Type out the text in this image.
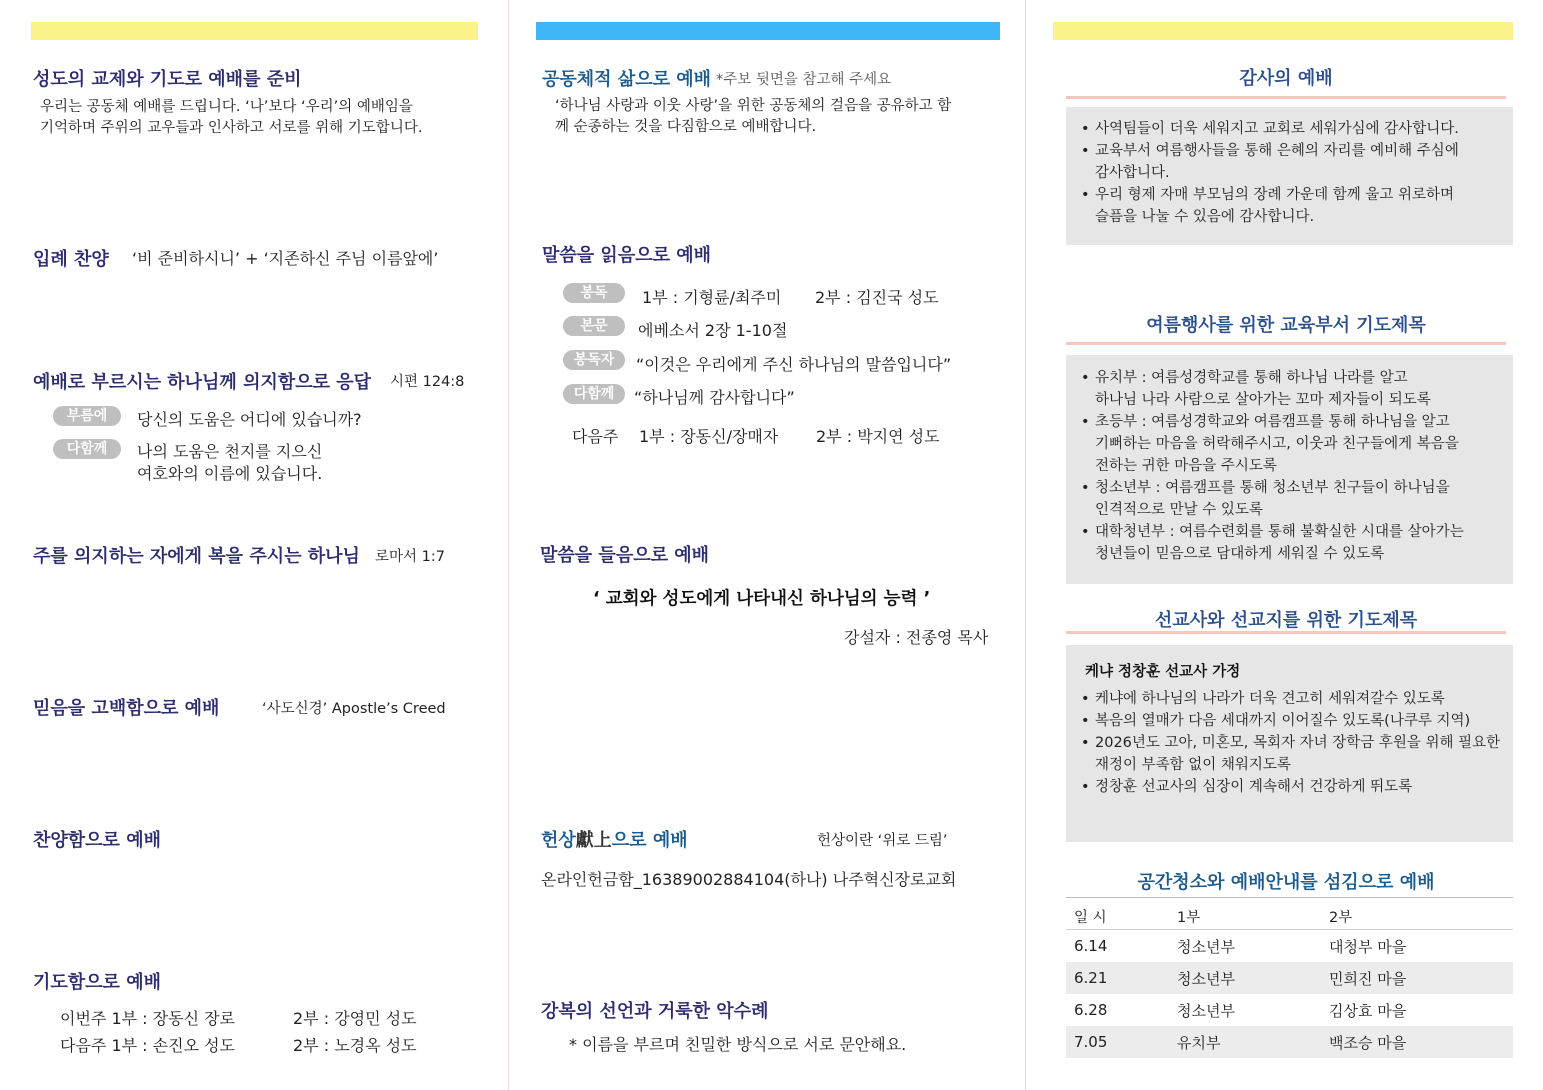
성도의 교제와 기도로 예배를 준비
우리는 공동체 예배를 드립니다. ‘나’보다 ‘우리’의 예배임을
기억하며 주위의 교우들과 인사하고 서로를 위해 기도합니다.
입례 찬양 ‘비 준비하시니’ + ‘지존하신 주님 이름앞에’
예배로 부르시는 하나님께 의지함으로 응답 시편 124:8
부름에	당신의 도움은 어디에 있습니까?
다함께	나의 도움은 천지를 지으신
여호와의 이름에 있습니다.
주를 의지하는 자에게 복을 주시는 하나님 로마서 1:7
믿음을 고백함으로 예배	‘사도신경’ Apostle’s Creed
찬양함으로 예배
기도함으로 예배
이번주 1부 : 장동신 장로	2부 : 강영민 성도
다음주 1부 : 손진오 성도	2부 : 노경옥 성도
공동체적 삶으로 예배 *주보 뒷면을 참고해 주세요
‘하나님 사랑과 이웃 사랑’을 위한 공동체의 걸음을 공유하고 함
께 순종하는 것을 다짐함으로 예배합니다.
말씀을 읽음으로 예배
봉독	1부 : 기형륜/최주미 2부 : 김진국 성도
본문	에베소서 2장 1-10절
봉독자	“이것은 우리에게 주신 하나님의 말씀입니다”
다함께	“하나님께 감사합니다”
다음주 1부 : 장동신/장매자 2부 : 박지연 성도
말씀을 들음으로 예배
‘ 교회와 성도에게 나타내신 하나님의 능력 ’
강설자 : 전종영 목사
헌상獻上으로 예배	헌상이란 ‘위로 드림’
온라인헌금함_16389002884104(하나) 나주혁신장로교회
강복의 선언과 거룩한 악수례
* 이름을 부르며 친밀한 방식으로 서로 문안해요.
감사의 예배
• 사역팀들이 더욱 세워지고 교회로 세워가심에 감사합니다.
• 교육부서 여름행사들을 통해 은혜의 자리를 예비해 주심에
감사합니다.
• 우리 형제 자매 부모님의 장례 가운데 함께 울고 위로하며
슬픔을 나눌 수 있음에 감사합니다.
여름행사를 위한 교육부서 기도제목
• 유치부 : 여름성경학교를 통해 하나님 나라를 알고
하나님 나라 사람으로 살아가는 꼬마 제자들이 되도록
• 초등부 : 여름성경학교와 여름캠프를 통해 하나님을 알고
기뻐하는 마음을 허락해주시고, 이웃과 친구들에게 복음을
전하는 귀한 마음을 주시도록
• 청소년부 : 여름캠프를 통해 청소년부 친구들이 하나님을
인격적으로 만날 수 있도록
• 대학청년부 : 여름수련회를 통해 불확실한 시대를 살아가는
청년들이 믿음으로 담대하게 세워질 수 있도록
선교사와 선교지를 위한 기도제목
케냐 정창훈 선교사 가정
• 케냐에 하나님의 나라가 더욱 견고히 세워져갈수 있도록
• 복음의 열매가 다음 세대까지 이어질수 있도록(나쿠루 지역)
• 2026년도 고아, 미혼모, 목회자 자녀 장학금 후원을 위해 필요한
재정이 부족함 없이 채워지도록
• 정창훈 선교사의 심장이 계속해서 건강하게 뛰도록
공간청소와 예배안내를 섬김으로 예배
일 시	1부	2부
6.14	청소년부	대청부 마을
6.21	청소년부	민희진 마을
6.28	청소년부	김상효 마을
7.05	유치부	백조승 마을
